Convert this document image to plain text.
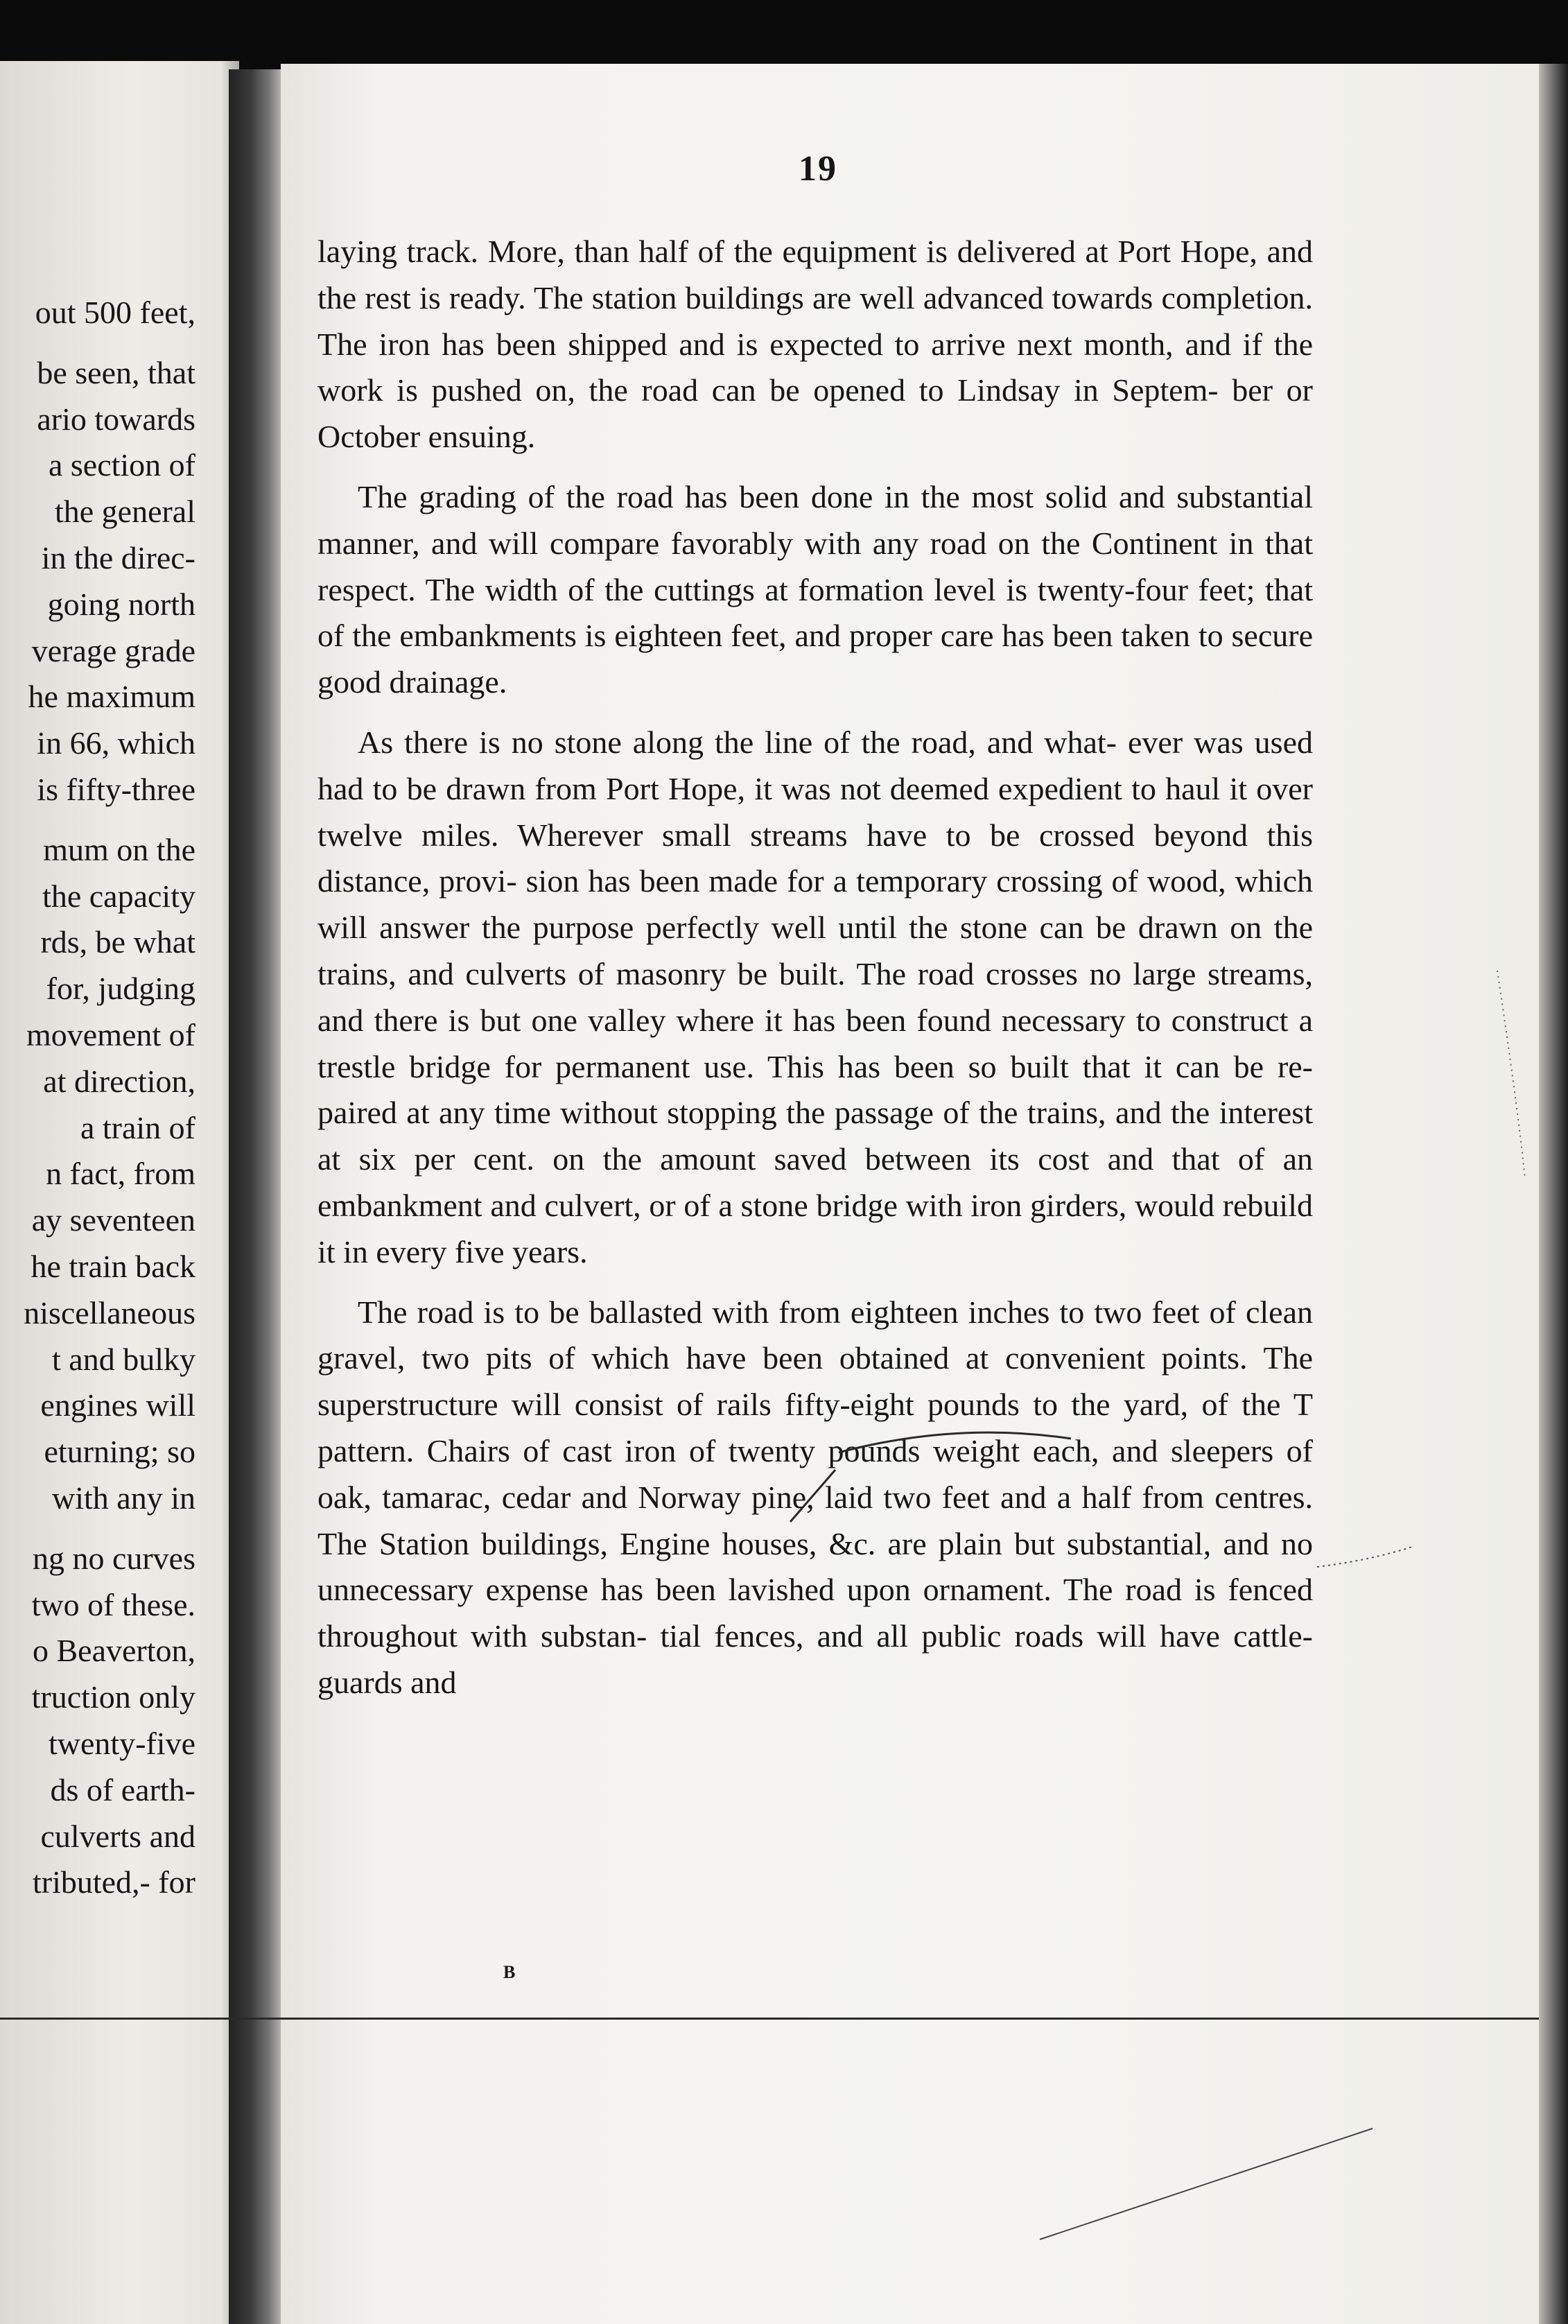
out 500 feet,
be seen, that
ario towards
a section of
the general
in the direc-
going north
verage grade
he maximum
in 66, which
is fifty-three
mum on the
the capacity
rds, be what
for, judging
movement of
at direction,
a train of
n fact, from
ay seventeen
he train back
niscellaneous
t and bulky
engines will
eturning; so
with any in
ng no curves
two of these.
o Beaverton,
truction only
twenty-five
ds of earth-
culverts and
tributed,- for
19

laying track. More, than half of the equipment is delivered at Port Hope, and the rest is ready. The station buildings are well advanced towards completion. The iron has been shipped and is expected to arrive next month, and if the work is pushed on, the road can be opened to Lindsay in Septem- ber or October ensuing.

The grading of the road has been done in the most solid and substantial manner, and will compare favorably with any road on the Continent in that respect. The width of the cuttings at formation level is twenty-four feet; that of the embankments is eighteen feet, and proper care has been taken to secure good drainage.

As there is no stone along the line of the road, and what- ever was used had to be drawn from Port Hope, it was not deemed expedient to haul it over twelve miles. Wherever small streams have to be crossed beyond this distance, provi- sion has been made for a temporary crossing of wood, which will answer the purpose perfectly well until the stone can be drawn on the trains, and culverts of masonry be built. The road crosses no large streams, and there is but one valley where it has been found necessary to construct a trestle bridge for permanent use. This has been so built that it can be re- paired at any time without stopping the passage of the trains, and the interest at six per cent. on the amount saved between its cost and that of an embankment and culvert, or of a stone bridge with iron girders, would rebuild it in every five years.

The road is to be ballasted with from eighteen inches to two feet of clean gravel, two pits of which have been obtained at convenient points. The superstructure will consist of rails fifty-eight pounds to the yard, of the T pattern. Chairs of cast iron of twenty pounds weight each, and sleepers of oak, tamarac, cedar and Norway pine, laid two feet and a half from centres. The Station buildings, Engine houses, &c. are plain but substantial, and no unnecessary expense has been lavished upon ornament. The road is fenced throughout with substan- tial fences, and all public roads will have cattle-guards and

B
